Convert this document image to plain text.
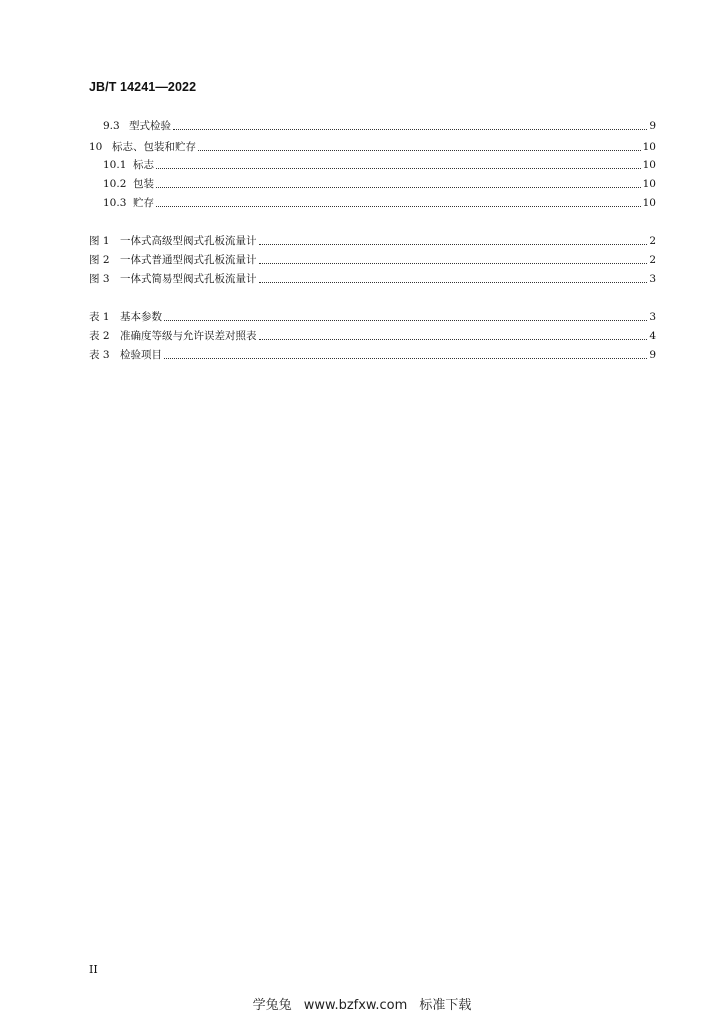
JB/T 14241—2022
9.3 型式检验	9
10 标志、包装和贮存	10
10.1 标志	10
10.2 包装	10
10.3 贮存	10
图 1 一体式高级型阀式孔板流量计	2
图 2 一体式普通型阀式孔板流量计	2
图 3 一体式简易型阀式孔板流量计	3
表 1 基本参数	3
表 2 准确度等级与允许误差对照表	4
表 3 检验项目	9
II
学兔兔 www.bzfxw.com 标准下载
